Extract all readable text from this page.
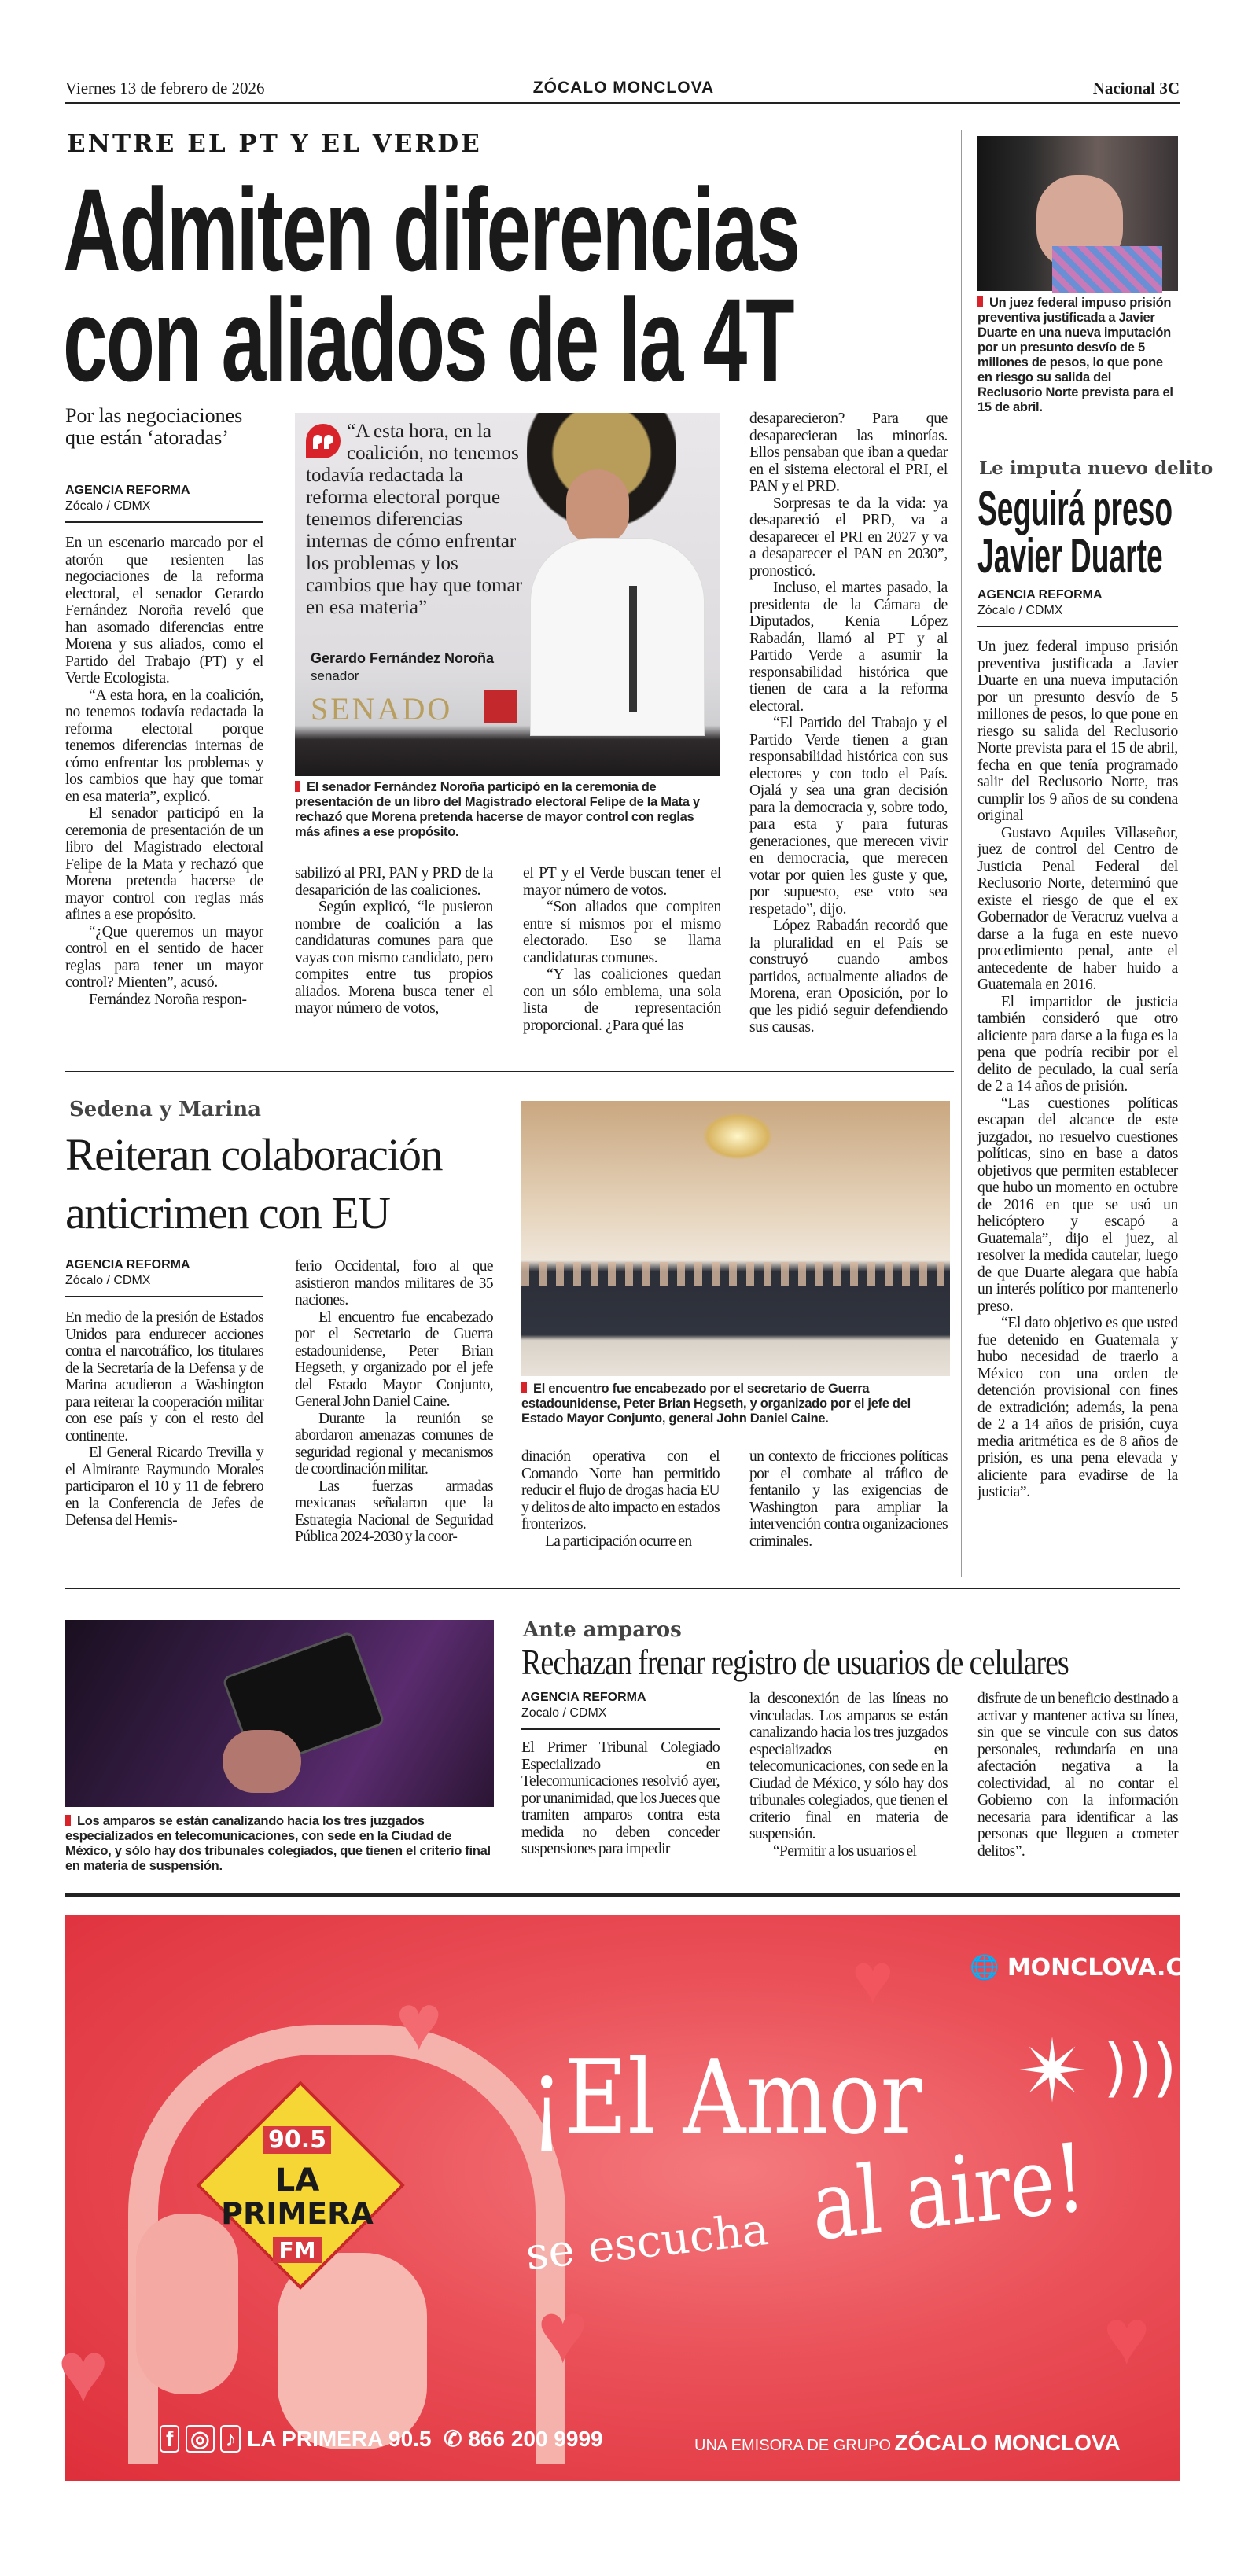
Viernes 13 de febrero de 2026	ZÓCALO MONCLOVA	Nacional 3C
ENTRE EL PT Y EL VERDE
Admiten diferencias
con aliados de la 4T
Por las negociaciones que están ‘atoradas’
AGENCIA REFORMA
Zócalo / CDMX

En un escenario marcado por el atorón que resienten las negociaciones de la reforma electoral, el senador Gerardo Fernández Noroña reveló que han asomado diferencias entre Morena y sus aliados, como el Partido del Trabajo (PT) y el Verde Ecologista.

“A esta hora, en la coalición, no tenemos todavía redactada la reforma electoral porque tenemos diferencias internas de cómo enfrentar los problemas y los cambios que hay que tomar en esa materia”, explicó.

El senador participó en la ceremonia de presentación de un libro del Magistrado electoral Felipe de la Mata y rechazó que Morena pretenda hacerse de mayor control con reglas más afines a ese propósito.

“¿Que queremos un mayor control en el sentido de hacer reglas para tener un mayor control? Mienten”, acusó.

Fernández Noroña respon-

SENADO
“A esta hora, en la coalición, no tenemos todavía redactada la reforma electoral porque tenemos diferencias internas de cómo enfrentar los problemas y los cambios que hay que tomar en esa materia”
Gerardo Fernández Noroña
senador
El senador Fernández Noroña participó en la ceremonia de presentación de un libro del Magistrado electoral Felipe de la Mata y rechazó que Morena pretenda hacerse de mayor control con reglas más afines a ese propósito.

sabilizó al PRI, PAN y PRD de la desaparición de las coaliciones.

Según explicó, “le pusieron nombre de coalición a las candidaturas comunes para que vayas con mismo candidato, pero compites entre tus propios aliados. Morena busca tener el mayor número de votos,

el PT y el Verde buscan tener el mayor número de votos.

“Son aliados que compiten entre sí mismos por el mismo electorado. Eso se llama candidaturas comunes.

“Y las coaliciones quedan con un sólo emblema, una sola lista de representación proporcional. ¿Para qué las

desaparecieron? Para que desaparecieran las minorías. Ellos pensaban que iban a quedar en el sistema electoral el PRI, el PAN y el PRD.

Sorpresas te da la vida: ya desapareció el PRD, va a desaparecer el PRI en 2027 y va a desaparecer el PAN en 2030”, pronosticó.

Incluso, el martes pasado, la presidenta de la Cámara de Diputados, Kenia López Rabadán, llamó al PT y al Partido Verde a asumir la responsabilidad histórica que tienen de cara a la reforma electoral.

“El Partido del Trabajo y el Partido Verde tienen a gran responsabilidad histórica con sus electores y con todo el País. Ojalá y sea una gran decisión para la democracia y, sobre todo, para esta y para futuras generaciones, que merecen vivir en democracia, que merecen votar por quien les guste y que, por supuesto, ese voto sea respetado”, dijo.

López Rabadán recordó que la pluralidad en el País se construyó cuando ambos partidos, actualmente aliados de Morena, eran Oposición, por lo que les pidió seguir defendiendo sus causas.

Un juez federal impuso prisión preventiva justificada a Javier Duarte en una nueva imputación por un presunto desvío de 5 millones de pesos, lo que pone en riesgo su salida del Reclusorio Norte prevista para el 15 de abril.
Le imputa nuevo delito
Seguirá preso
Javier Duarte
AGENCIA REFORMA
Zócalo / CDMX

Un juez federal impuso prisión preventiva justificada a Javier Duarte en una nueva imputación por un presunto desvío de 5 millones de pesos, lo que pone en riesgo su salida del Reclusorio Norte prevista para el 15 de abril, fecha en que tenía programado salir del Reclusorio Norte, tras cumplir los 9 años de su condena original

Gustavo Aquiles Villaseñor, juez de control del Centro de Justicia Penal Federal del Reclusorio Norte, determinó que existe el riesgo de que el ex Gobernador de Veracruz vuelva a darse a la fuga en este nuevo procedimiento penal, ante el antecedente de haber huido a Guatemala en 2016.

El impartidor de justicia también consideró que otro aliciente para darse a la fuga es la pena que podría recibir por el delito de peculado, la cual sería de 2 a 14 años de prisión.

“Las cuestiones políticas escapan del alcance de este juzgador, no resuelvo cuestiones políticas, sino en base a datos objetivos que permiten establecer que hubo un momento en octubre de 2016 en que se usó un helicóptero y escapó a Guatemala”, dijo el juez, al resolver la medida cautelar, luego de que Duarte alegara que había un interés político por mantenerlo preso.

“El dato objetivo es que usted fue detenido en Guatemala y hubo necesidad de traerlo a México con una orden de detención provisional con fines de extradición; además, la pena de 2 a 14 años de prisión, cuya media aritmética es de 8 años de prisión, es una pena elevada y aliciente para evadirse de la justicia”.

Sedena y Marina
Reiteran colaboración
anticrimen con EU
AGENCIA REFORMA
Zócalo / CDMX

En medio de la presión de Estados Unidos para endurecer acciones contra el narcotráfico, los titulares de la Secretaría de la Defensa y de Marina acudieron a Washington para reiterar la cooperación militar con ese país y con el resto del continente.

El General Ricardo Trevilla y el Almirante Raymundo Morales participaron el 10 y 11 de febrero en la Conferencia de Jefes de Defensa del Hemis-

ferio Occidental, foro al que asistieron mandos militares de 35 naciones.

El encuentro fue encabezado por el Secretario de Guerra estadounidense, Peter Brian Hegseth, y organizado por el jefe del Estado Mayor Conjunto, General John Daniel Caine.

Durante la reunión se abordaron amenazas comunes de seguridad regional y mecanismos de coordinación militar.

Las fuerzas armadas mexicanas señalaron que la Estrategia Nacional de Seguridad Pública 2024-2030 y la coor-

El encuentro fue encabezado por el secretario de Guerra estadounidense, Peter Brian Hegseth, y organizado por el jefe del Estado Mayor Conjunto, general John Daniel Caine.

dinación operativa con el Comando Norte han permitido reducir el flujo de drogas hacia EU y delitos de alto impacto en estados fronterizos.

La participación ocurre en

un contexto de fricciones políticas por el combate al tráfico de fentanilo y las exigencias de Washington para ampliar la intervención contra organizaciones criminales.

Los amparos se están canalizando hacia los tres juzgados especializados en telecomunicaciones, con sede en la Ciudad de México, y sólo hay dos tribunales colegiados, que tienen el criterio final en materia de suspensión.
Ante amparos
Rechazan frenar registro de usuarios de celulares
AGENCIA REFORMA
Zocalo / CDMX

El Primer Tribunal Colegiado Especializado en Telecomunicaciones resolvió ayer, por unanimidad, que los Jueces que tramiten amparos contra esta medida no deben conceder suspensiones para impedir

la desconexión de las líneas no vinculadas. Los amparos se están canalizando hacia los tres juzgados especializados en telecomunicaciones, con sede en la Ciudad de México, y sólo hay dos tribunales colegiados, que tienen el criterio final en materia de suspensión.

“Permitir a los usuarios el

disfrute de un beneficio destinado a activar y mantener activa su línea, sin que se vincule con sus datos personales, redundaría en una afectación negativa a la colectividad, al no contar el Gobierno con la información necesaria para identificar a las personas que lleguen a cometer delitos”.

90.5
LA
PRIMERA
FM
🌐 MONCLOVA.COM
✴ )))
¡El Amor
se escucha al aire!
♥
♥
♥
♥
♥
f ◎ ♪ LA PRIMERA 90.5 ✆ 866 200 9999	UNA EMISORA DE GRUPO ZÓCALO MONCLOVA
